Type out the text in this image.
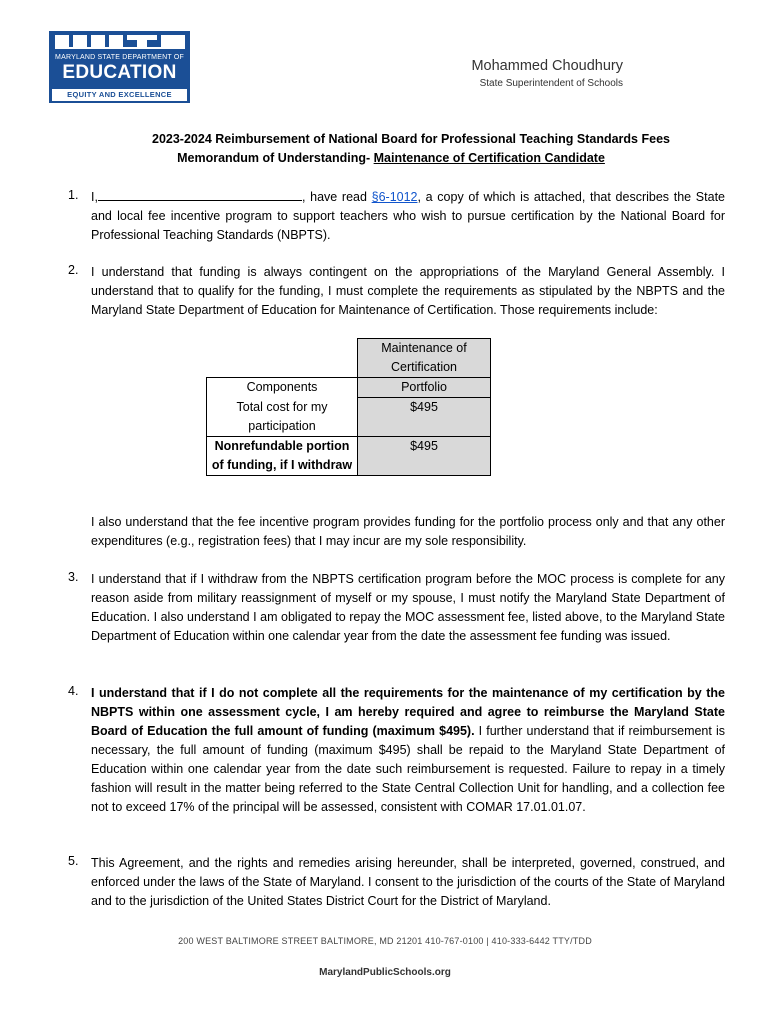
MARYLAND STATE DEPARTMENT OF
EDUCATION
EQUITY AND EXCELLENCE
Mohammed Choudhury
State Superintendent of Schools
2023-2024 Reimbursement of National Board for Professional Teaching Standards Fees
Memorandum of Understanding- Maintenance of Certification Candidate
1. I,	, have read §6-1012, a copy of which is attached, that describes the State and local fee incentive program to support teachers who wish to pursue certification by the National Board for Professional Teaching Standards (NBPTS).
2. I understand that funding is always contingent on the appropriations of the Maryland General Assembly. I understand that to qualify for the funding, I must complete the requirements as stipulated by the NBPTS and the Maryland State Department of Education for Maintenance of Certification. Those requirements include:
	Maintenance of Certification
Components	Portfolio
Total cost for my participation	$495
Nonrefundable portion of funding, if I withdraw	$495
I also understand that the fee incentive program provides funding for the portfolio process only and that any other expenditures (e.g., registration fees) that I may incur are my sole responsibility.
3. I understand that if I withdraw from the NBPTS certification program before the MOC process is complete for any reason aside from military reassignment of myself or my spouse, I must notify the Maryland State Department of Education. I also understand I am obligated to repay the MOC assessment fee, listed above, to the Maryland State Department of Education within one calendar year from the date the assessment fee funding was issued.
4. I understand that if I do not complete all the requirements for the maintenance of my certification by the NBPTS within one assessment cycle, I am hereby required and agree to reimburse the Maryland State Board of Education the full amount of funding (maximum $495). I further understand that if reimbursement is necessary, the full amount of funding (maximum $495) shall be repaid to the Maryland State Department of Education within one calendar year from the date such reimbursement is requested. Failure to repay in a timely fashion will result in the matter being referred to the State Central Collection Unit for handling, and a collection fee not to exceed 17% of the principal will be assessed, consistent with COMAR 17.01.01.07.
5. This Agreement, and the rights and remedies arising hereunder, shall be interpreted, governed, construed, and enforced under the laws of the State of Maryland. I consent to the jurisdiction of the courts of the State of Maryland and to the jurisdiction of the United States District Court for the District of Maryland.
200 WEST BALTIMORE STREET BALTIMORE, MD 21201 410-767-0100 | 410-333-6442 TTY/TDD
MarylandPublicSchools.org
